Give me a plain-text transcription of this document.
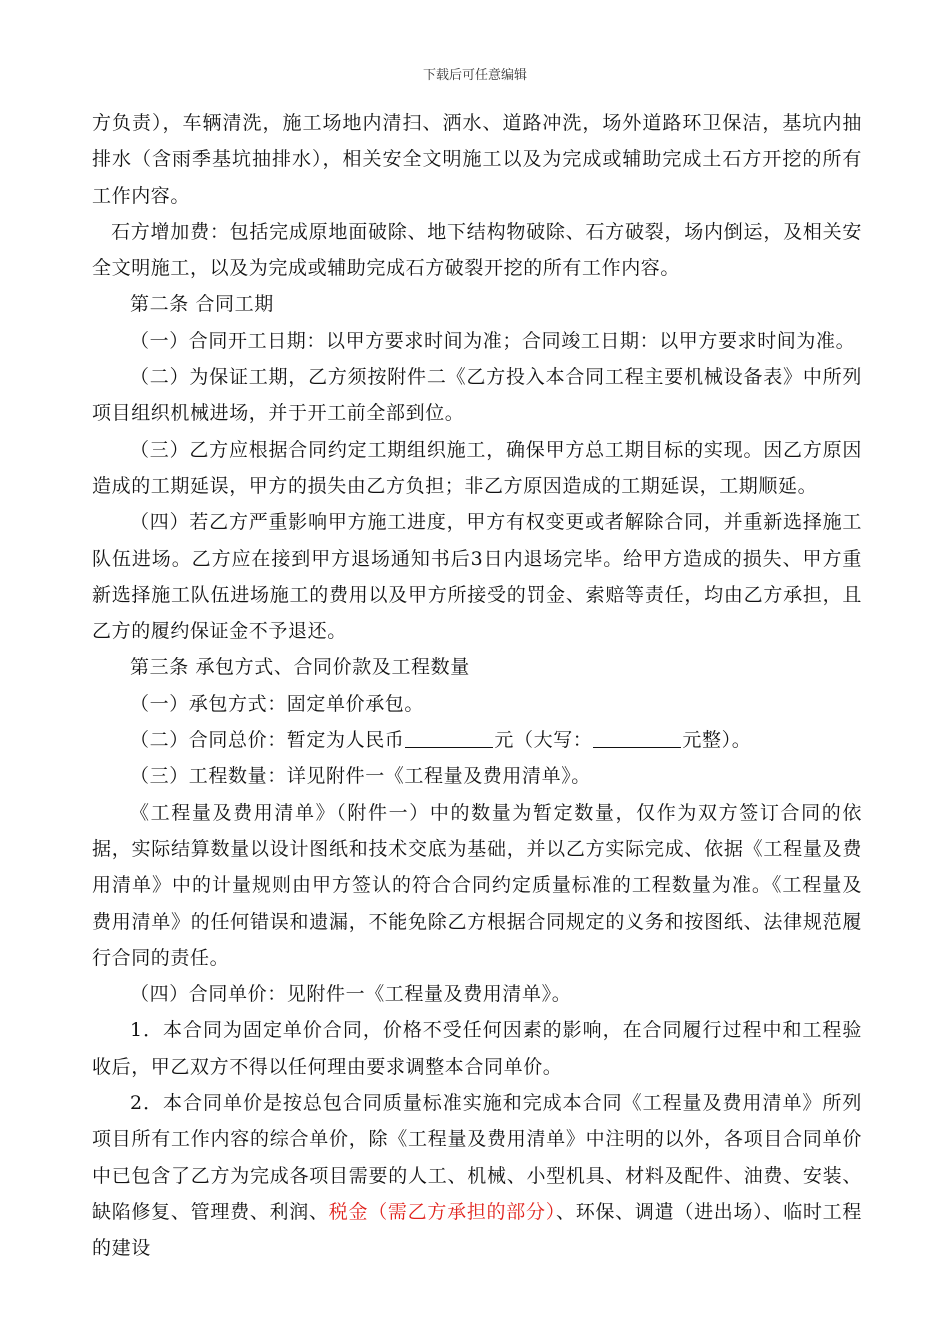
下载后可任意编辑

方负责），车辆清洗，施工场地内清扫、洒水、道路冲洗，场外道路环卫保洁，基坑内抽排水（含雨季基坑抽排水），相关安全文明施工以及为完成或辅助完成土石方开挖的所有工作内容。

石方增加费：包括完成原地面破除、地下结构物破除、石方破裂，场内倒运，及相关安全文明施工，以及为完成或辅助完成石方破裂开挖的所有工作内容。

第二条 合同工期

（一）合同开工日期：以甲方要求时间为准；合同竣工日期：以甲方要求时间为准。

（二）为保证工期，乙方须按附件二《乙方投入本合同工程主要机械设备表》中所列项目组织机械进场，并于开工前全部到位。

（三）乙方应根据合同约定工期组织施工，确保甲方总工期目标的实现。因乙方原因造成的工期延误，甲方的损失由乙方负担；非乙方原因造成的工期延误，工期顺延。

（四）若乙方严重影响甲方施工进度，甲方有权变更或者解除合同，并重新选择施工队伍进场。乙方应在接到甲方退场通知书后3日内退场完毕。给甲方造成的损失、甲方重新选择施工队伍进场施工的费用以及甲方所接受的罚金、索赔等责任，均由乙方承担，且乙方的履约保证金不予退还。

第三条 承包方式、合同价款及工程数量

（一）承包方式：固定单价承包。

（二）合同总价：暂定为人民币	元（大写：	元整）。

（三）工程数量：详见附件一《工程量及费用清单》。

《工程量及费用清单》（附件一）中的数量为暂定数量，仅作为双方签订合同的依据，实际结算数量以设计图纸和技术交底为基础，并以乙方实际完成、依据《工程量及费用清单》中的计量规则由甲方签认的符合合同约定质量标准的工程数量为准。《工程量及费用清单》的任何错误和遗漏，不能免除乙方根据合同规定的义务和按图纸、法律规范履行合同的责任。

（四）合同单价：见附件一《工程量及费用清单》。

1．本合同为固定单价合同，价格不受任何因素的影响，在合同履行过程中和工程验收后，甲乙双方不得以任何理由要求调整本合同单价。

2．本合同单价是按总包合同质量标准实施和完成本合同《工程量及费用清单》所列项目所有工作内容的综合单价，除《工程量及费用清单》中注明的以外，各项目合同单价中已包含了乙方为完成各项目需要的人工、机械、小型机具、材料及配件、油费、安装、缺陷修复、管理费、利润、税金（需乙方承担的部分）、环保、调遣（进出场）、临时工程的建设
